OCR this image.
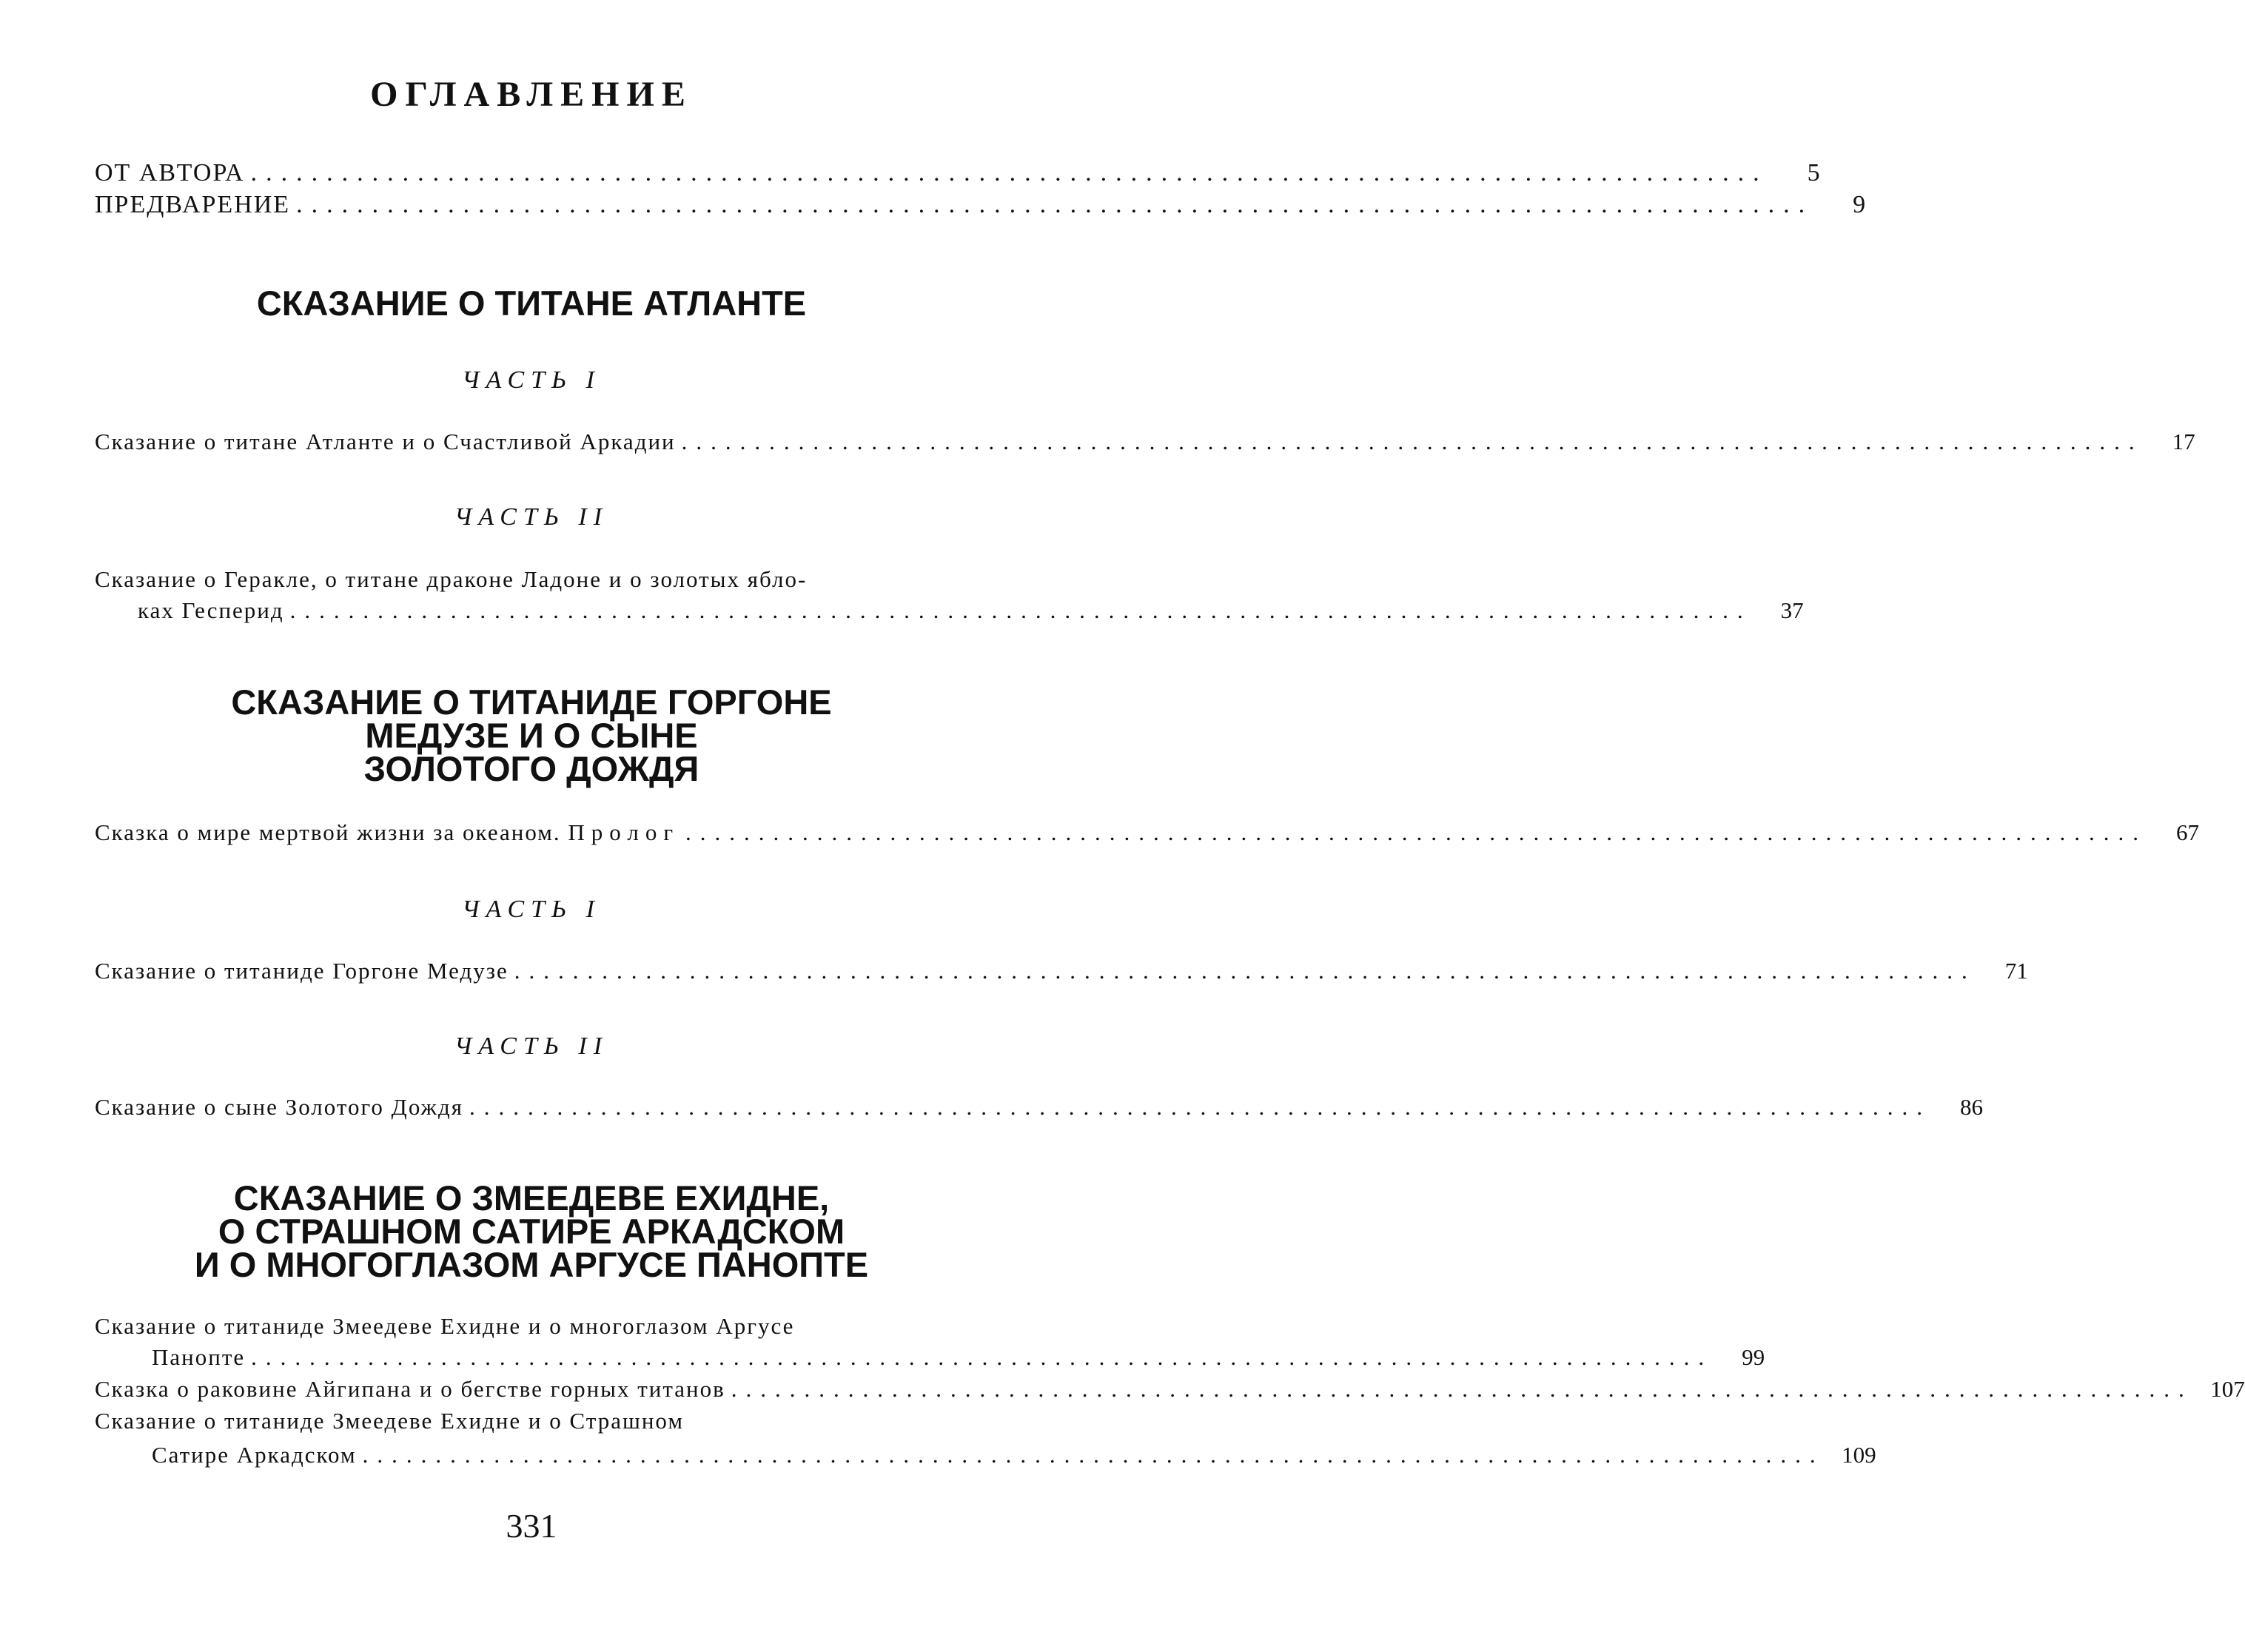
ОГЛАВЛЕНИЕ
ОТ АВТОРА ....................................................................................................	5
ПРЕДВАРЕНИЕ ....................................................................................................	9
СКАЗАНИЕ О ТИТАНЕ АТЛАНТЕ
ЧАСТЬ I
Сказание о титане Атланте и о Счастливой Аркадии ....................................................................................................	17
ЧАСТЬ II
Сказание о Геракле, о титане драконе Ладоне и о золотых ябло-
ках Гесперид ....................................................................................................	37
СКАЗАНИЕ О ТИТАНИДЕ ГОРГОНЕ
МЕДУЗЕ И О СЫНЕ
ЗОЛОТОГО ДОЖДЯ
Сказка о мире мертвой жизни за океаном. Пролог ....................................................................................................	67
ЧАСТЬ I
Сказание о титаниде Горгоне Медузе ....................................................................................................	71
ЧАСТЬ II
Сказание о сыне Золотого Дождя ....................................................................................................	86
СКАЗАНИЕ О ЗМЕЕДЕВЕ ЕХИДНЕ,
О СТРАШНОМ САТИРЕ АРКАДСКОМ
И О МНОГОГЛАЗОМ АРГУСЕ ПАНОПТЕ
Сказание о титаниде Змеедеве Ехидне и о многоглазом Аргусе
Панопте ....................................................................................................	99
Сказка о раковине Айгипана и о бегстве горных титанов .................................................................................................... 107
Сказание о титаниде Змеедеве Ехидне и о Страшном
Сатире Аркадском .................................................................................................... 109
331
